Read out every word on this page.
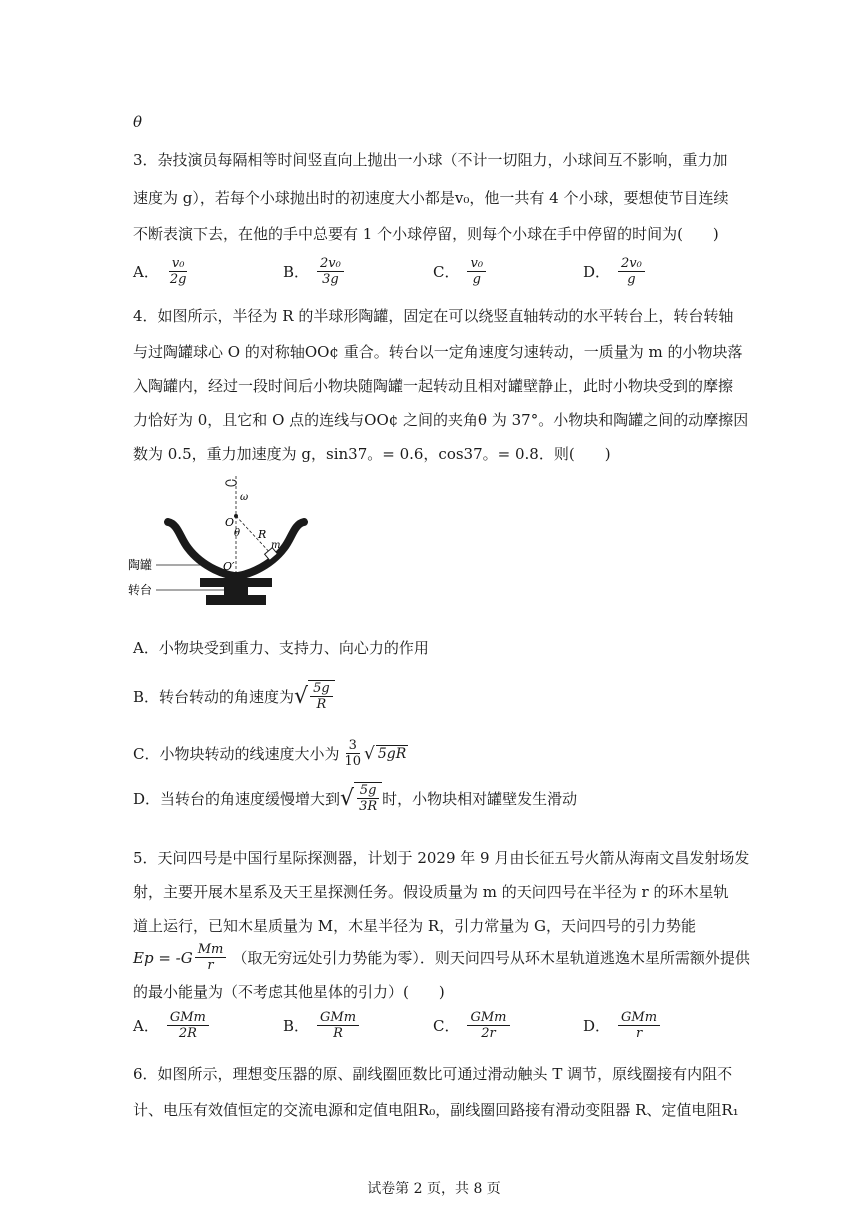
θ
3．杂技演员每隔相等时间竖直向上抛出一小球（不计一切阻力，小球间互不影响，重力加
速度为 g），若每个小球抛出时的初速度大小都是v₀，他一共有 4 个小球，要想使节目连续
不断表演下去，在他的手中总要有 1 个小球停留，则每个小球在手中停留的时间为(　　)
A． $\frac{\text{v₀}}{2g}$	B． $\frac{\text{2v₀}}{3g}$	C． $\frac{\text{v₀}}{g}$	D． $\frac{\text{2v₀}}{g}$
4．如图所示，半径为 R 的半球形陶罐，固定在可以绕竖直轴转动的水平转台上，转台转轴
与过陶罐球心 O 的对称轴OO¢ 重合。转台以一定角速度匀速转动，一质量为 m 的小物块落
入陶罐内，经过一段时间后小物块随陶罐一起转动且相对罐壁静止，此时小物块受到的摩擦
力恰好为 0，且它和 O 点的连线与OO¢ 之间的夹角θ 为 37°。小物块和陶罐之间的动摩擦因
数为 0.5，重力加速度为 g，sin37。= 0.6，cos37。= 0.8．则(　　)
ω
O
θ R
m
O′
陶罐
转台
A．小物块受到重力、支持力、向心力的作用
B．转台转动的角速度为 √ $\frac{5g}{R}$
C．小物块转动的线速度大小为 $\frac{3}{10}$ √ 5gR
D．当转台的角速度缓慢增大到 √ $\frac{5g}{3R}$ 时，小物块相对罐壁发生滑动
5．天问四号是中国行星际探测器，计划于 2029 年 9 月由长征五号火箭从海南文昌发射场发
射，主要开展木星系及天王星探测任务。假设质量为 m 的天问四号在半径为 r 的环木星轨
道上运行，已知木星质量为 M，木星半径为 R，引力常量为 G，天问四号的引力势能
$Ep = -G \frac{Mm}{r}$ （取无穷远处引力势能为零）．则天问四号从环木星轨道逃逸木星所需额外提供
的最小能量为（不考虑其他星体的引力）(　　)
A． $\frac{\text{GMm}}{2R}$	B． $\frac{\text{GMm}}{R}$	C． $\frac{\text{GMm}}{2r}$	D． $\frac{\text{GMm}}{r}$
6．如图所示，理想变压器的原、副线圈匝数比可通过滑动触头 T 调节，原线圈接有内阻不
计、电压有效值恒定的交流电源和定值电阻R₀，副线圈回路接有滑动变阻器 R、定值电阻R₁
试卷第 2 页，共 8 页
